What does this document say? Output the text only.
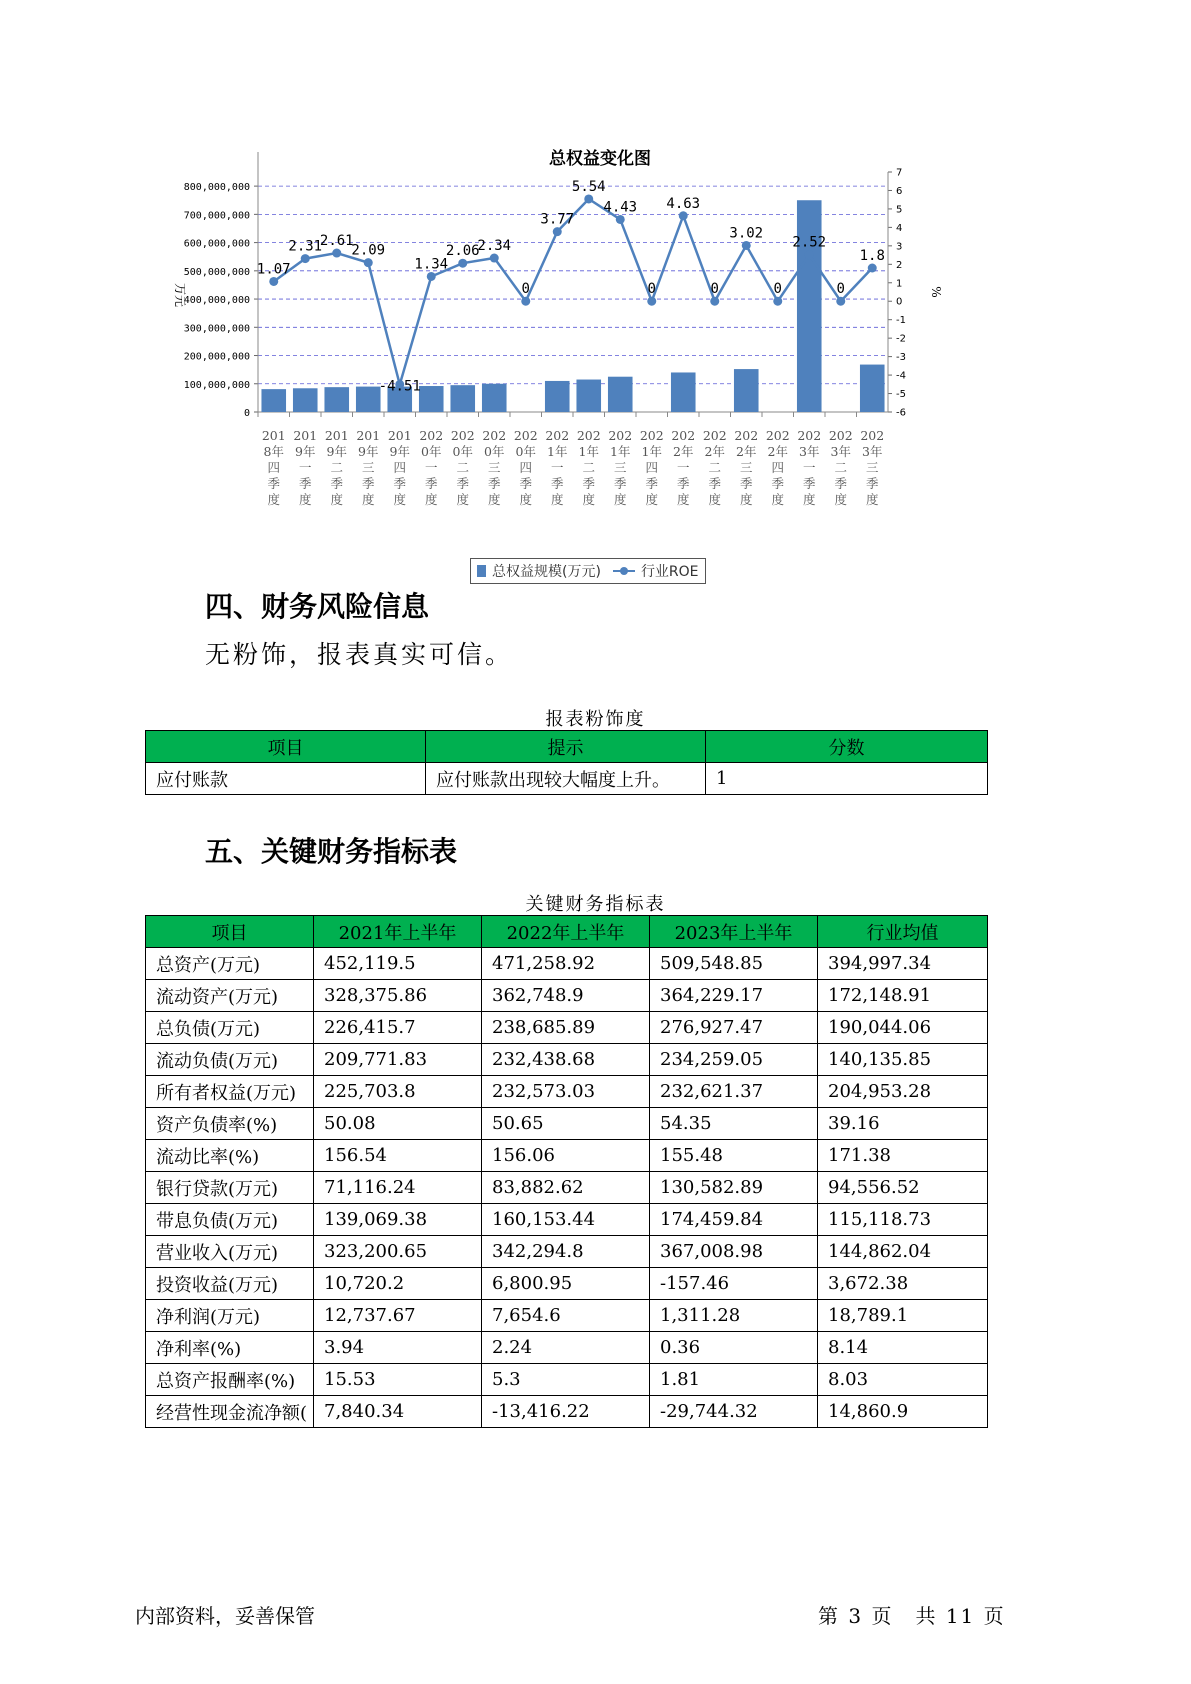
总权益变化图
0
100,000,000
200,000,000
300,000,000
400,000,000
500,000,000
600,000,000
700,000,000
800,000,000
-6
-5
-4
-3
-2
-1
0
1
2
3
4
5
6
7
万元	%
201
8年
四
季
度
201
9年
一
季
度
201
9年
二
季
度
201
9年
三
季
度
201
9年
四
季
度
202
0年
一
季
度
202
0年
二
季
度
202
0年
三
季
度
202
0年
四
季
度
202
1年
一
季
度
202
1年
二
季
度
202
1年
三
季
度
202
1年
四
季
度
202
2年
一
季
度
202
2年
二
季
度
202
2年
三
季
度
202
2年
四
季
度
202
3年
一
季
度
202
3年
二
季
度
202
3年
三
季
度
1.07
2.31
2.61
2.09
-4.51
1.34
2.06
2.34
0
3.77
5.54
4.43
0
4.63
0
3.02
0
2.52
0
1.8
总权益规模(万元)	行业ROE
四、财务风险信息
无粉饰，报表真实可信。
报表粉饰度
项目	提示	分数
应付账款	应付账款出现较大幅度上升。	1
五、关键财务指标表
关键财务指标表
项目	2021年上半年	2022年上半年	2023年上半年	行业均值
总资产(万元)	452,119.5	471,258.92	509,548.85	394,997.34
流动资产(万元)	328,375.86	362,748.9	364,229.17	172,148.91
总负债(万元)	226,415.7	238,685.89	276,927.47	190,044.06
流动负债(万元)	209,771.83	232,438.68	234,259.05	140,135.85
所有者权益(万元)	225,703.8	232,573.03	232,621.37	204,953.28
资产负债率(%)	50.08	50.65	54.35	39.16
流动比率(%)	156.54	156.06	155.48	171.38
银行贷款(万元)	71,116.24	83,882.62	130,582.89	94,556.52
带息负债(万元)	139,069.38	160,153.44	174,459.84	115,118.73
营业收入(万元)	323,200.65	342,294.8	367,008.98	144,862.04
投资收益(万元)	10,720.2	6,800.95	-157.46	3,672.38
净利润(万元)	12,737.67	7,654.6	1,311.28	18,789.1
净利率(%)	3.94	2.24	0.36	8.14
总资产报酬率(%)	15.53	5.3	1.81	8.03
经营性现金流净额(	7,840.34	-13,416.22	-29,744.32	14,860.9
内部资料，妥善保管	第 3 页　共 11 页
